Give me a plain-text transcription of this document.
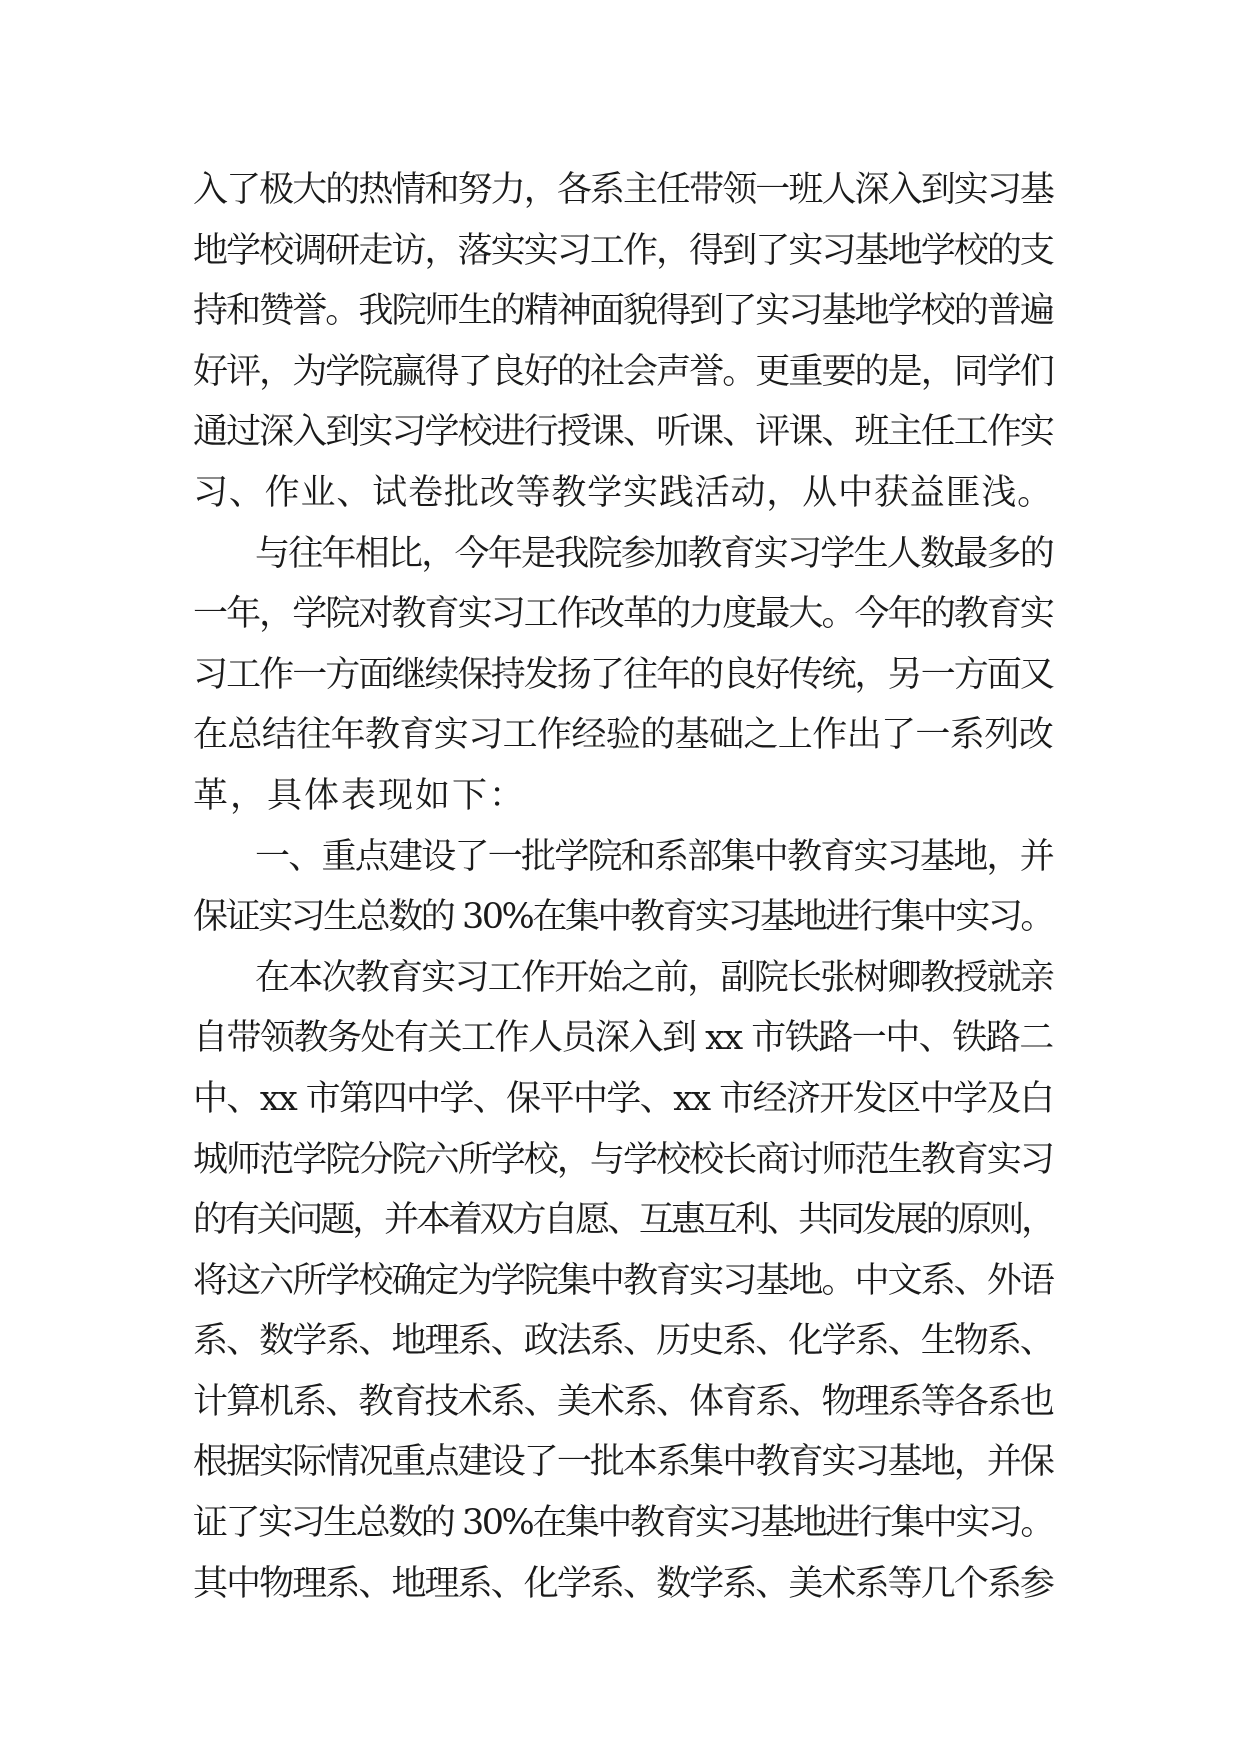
入了极大的热情和努力，各系主任带领一班人深入到实习基
地学校调研走访，落实实习工作，得到了实习基地学校的支
持和赞誉。我院师生的精神面貌得到了实习基地学校的普遍
好评，为学院赢得了良好的社会声誉。更重要的是，同学们
通过深入到实习学校进行授课、听课、评课、班主任工作实
习、作业、试卷批改等教学实践活动，从中获益匪浅。
与往年相比，今年是我院参加教育实习学生人数最多的
一年，学院对教育实习工作改革的力度最大。今年的教育实
习工作一方面继续保持发扬了往年的良好传统，另一方面又
在总结往年教育实习工作经验的基础之上作出了一系列改
革，具体表现如下：
一、重点建设了一批学院和系部集中教育实习基地，并
保证实习生总数的 30%在集中教育实习基地进行集中实习。
在本次教育实习工作开始之前，副院长张树卿教授就亲
自带领教务处有关工作人员深入到 xx 市铁路一中、铁路二
中、xx 市第四中学、保平中学、xx 市经济开发区中学及白
城师范学院分院六所学校，与学校校长商讨师范生教育实习
的有关问题，并本着双方自愿、互惠互利、共同发展的原则，
将这六所学校确定为学院集中教育实习基地。中文系、外语
系、数学系、地理系、政法系、历史系、化学系、生物系、
计算机系、教育技术系、美术系、体育系、物理系等各系也
根据实际情况重点建设了一批本系集中教育实习基地，并保
证了实习生总数的 30%在集中教育实习基地进行集中实习。
其中物理系、地理系、化学系、数学系、美术系等几个系参
